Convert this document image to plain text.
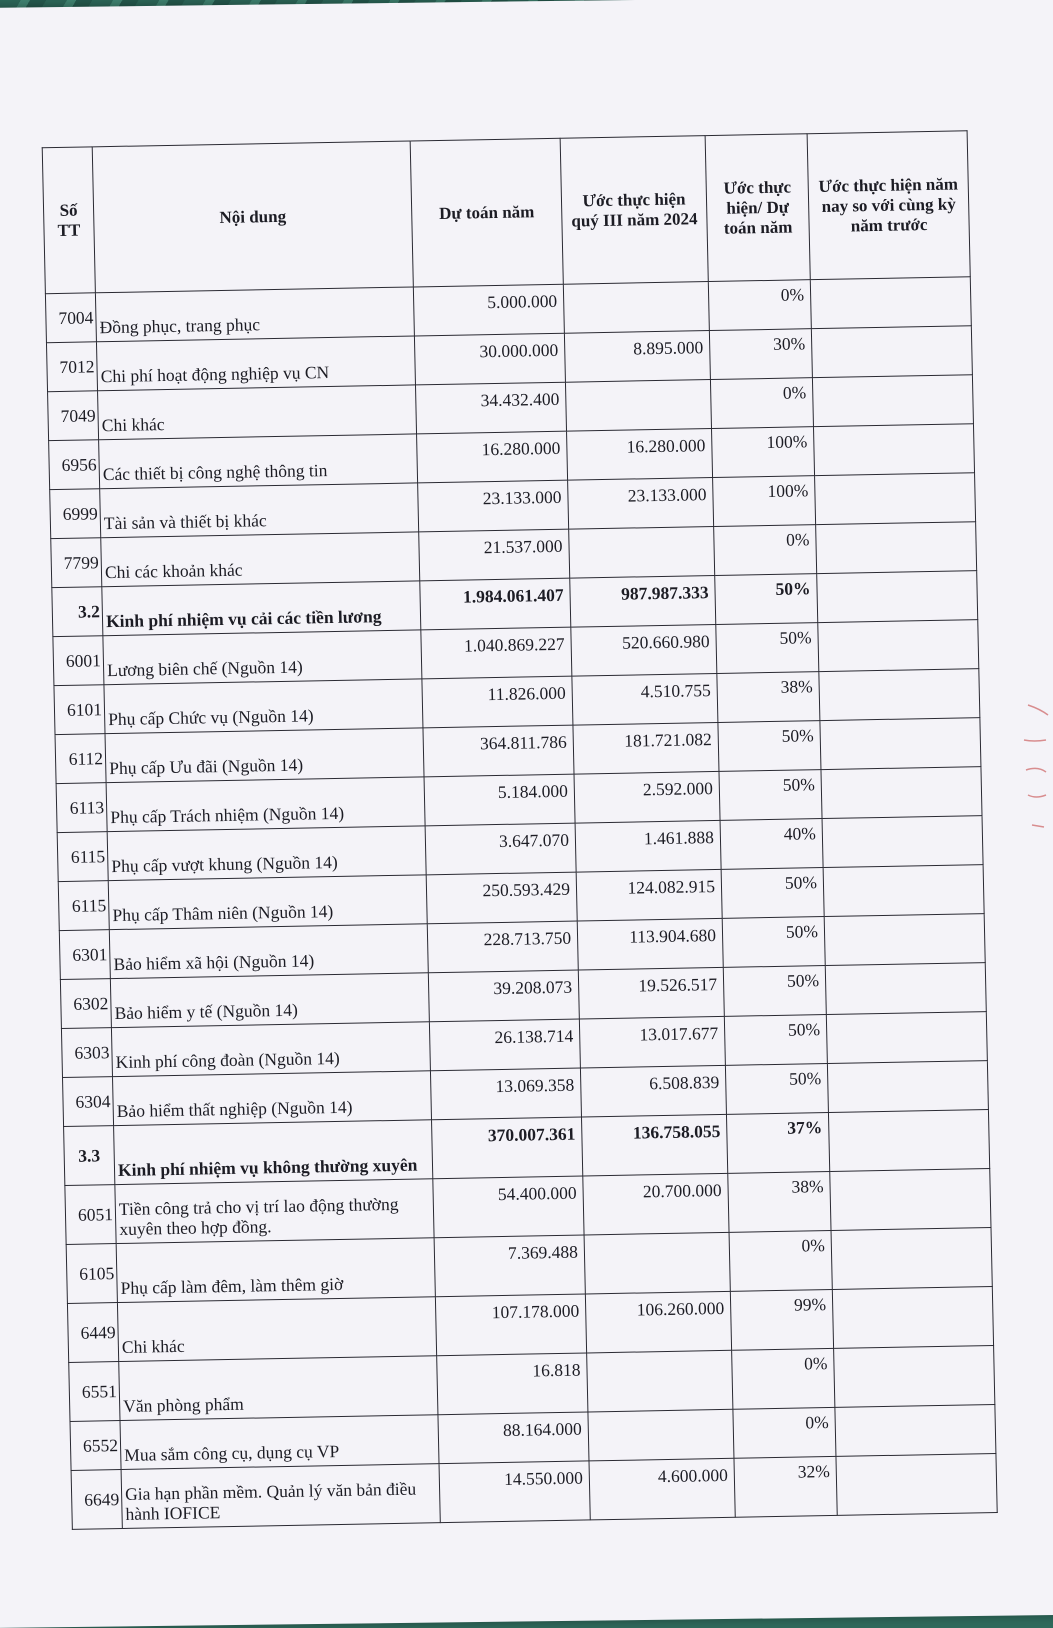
Số TT	Nội dung	Dự toán năm	Ước thực hiện quý III năm 2024	Ước thực hiện/ Dự toán năm	Ước thực hiện năm nay so với cùng kỳ năm trước
7004	Đồng phục, trang phục	5.000.000		0%	
7012	Chi phí hoạt động nghiệp vụ CN	30.000.000	8.895.000	30%	
7049	Chi khác	34.432.400		0%	
6956	Các thiết bị công nghệ thông tin	16.280.000	16.280.000	100%	
6999	Tài sản và thiết bị khác	23.133.000	23.133.000	100%	
7799	Chi các khoản khác	21.537.000		0%	
3.2	Kinh phí nhiệm vụ cải các tiền lương	1.984.061.407	987.987.333	50%	
6001	Lương biên chế (Nguồn 14)	1.040.869.227	520.660.980	50%	
6101	Phụ cấp Chức vụ (Nguồn 14)	11.826.000	4.510.755	38%	
6112	Phụ cấp Ưu đãi (Nguồn 14)	364.811.786	181.721.082	50%	
6113	Phụ cấp Trách nhiệm (Nguồn 14)	5.184.000	2.592.000	50%	
6115	Phụ cấp vượt khung (Nguồn 14)	3.647.070	1.461.888	40%	
6115	Phụ cấp Thâm niên (Nguồn 14)	250.593.429	124.082.915	50%	
6301	Bảo hiểm xã hội (Nguồn 14)	228.713.750	113.904.680	50%	
6302	Bảo hiểm y tế (Nguồn 14)	39.208.073	19.526.517	50%	
6303	Kinh phí công đoàn (Nguồn 14)	26.138.714	13.017.677	50%	
6304	Bảo hiểm thất nghiệp (Nguồn 14)	13.069.358	6.508.839	50%	
3.3	Kinh phí nhiệm vụ không thường xuyên	370.007.361	136.758.055	37%	
6051	Tiền công trả cho vị trí lao động thường xuyên theo hợp đồng.	54.400.000	20.700.000	38%	
6105	Phụ cấp làm đêm, làm thêm giờ	7.369.488		0%	
6449	Chi khác	107.178.000	106.260.000	99%	
6551	Văn phòng phẩm	16.818		0%	
6552	Mua sắm công cụ, dụng cụ VP	88.164.000		0%	
6649	Gia hạn phần mềm. Quản lý văn bản điều hành IOFICE	14.550.000	4.600.000	32%	
